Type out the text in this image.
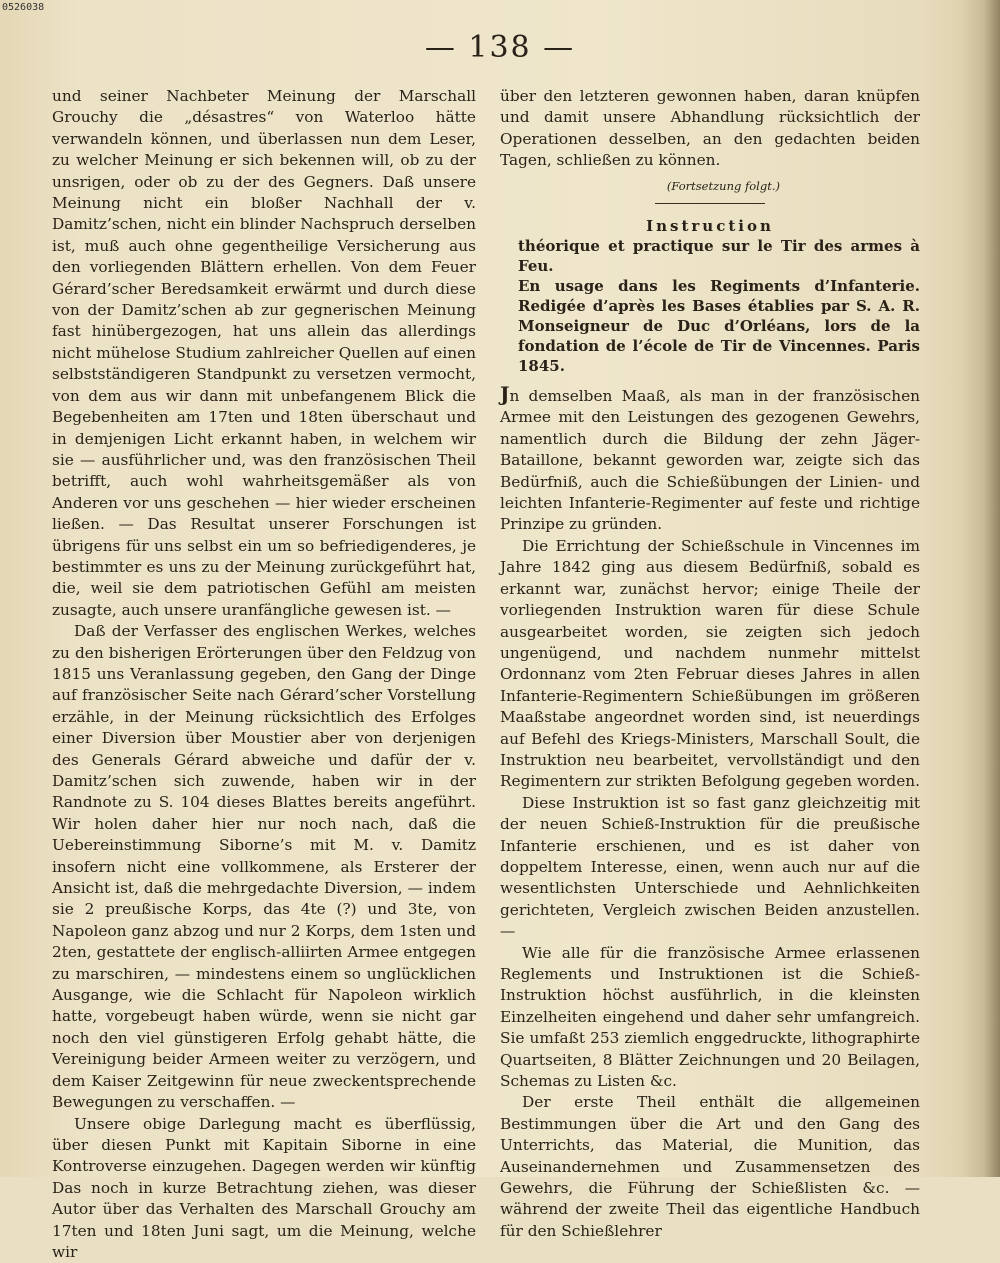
0526038
— 138 —

und seiner Nachbeter Meinung der Marschall Grouchy die „désastres“ von Waterloo hätte verwandeln können, und überlassen nun dem Leser, zu welcher Meinung er sich bekennen will, ob zu der unsrigen, oder ob zu der des Gegners. Daß unsere Meinung nicht ein bloßer Nachhall der v. Damitz’schen, nicht ein blinder Nachspruch derselben ist, muß auch ohne gegentheilige Versicherung aus den vorliegenden Blättern erhellen. Von dem Feuer Gérard’scher Beredsamkeit erwärmt und durch diese von der Damitz’schen ab zur gegnerischen Meinung fast hinübergezogen, hat uns allein das allerdings nicht mühelose Studium zahlreicher Quellen auf einen selbstständigeren Standpunkt zu versetzen vermocht, von dem aus wir dann mit unbefangenem Blick die Begebenheiten am 17ten und 18ten überschaut und in demjenigen Licht erkannt haben, in welchem wir sie — ausführlicher und, was den französischen Theil betrifft, auch wohl wahrheitsgemäßer als von Anderen vor uns geschehen — hier wieder erscheinen ließen. — Das Resultat unserer Forschungen ist übrigens für uns selbst ein um so befriedigenderes, je bestimmter es uns zu der Meinung zurückgeführt hat, die, weil sie dem patriotischen Gefühl am meisten zusagte, auch unsere uranfängliche gewesen ist. —

Daß der Verfasser des englischen Werkes, welches zu den bisherigen Erörterungen über den Feldzug von 1815 uns Veranlassung gegeben, den Gang der Dinge auf französischer Seite nach Gérard’scher Vorstellung erzähle, in der Meinung rücksichtlich des Erfolges einer Diversion über Moustier aber von derjenigen des Generals Gérard abweiche und dafür der v. Damitz’schen sich zuwende, haben wir in der Randnote zu S. 104 dieses Blattes bereits angeführt. Wir holen daher hier nur noch nach, daß die Uebereinstimmung Siborne’s mit M. v. Damitz insofern nicht eine vollkommene, als Ersterer der Ansicht ist, daß die mehrgedachte Diversion, — indem sie 2 preußische Korps, das 4te (?) und 3te, von Napoleon ganz abzog und nur 2 Korps, dem 1sten und 2ten, gestattete der englisch-alliirten Armee entgegen zu marschiren, — mindestens einem so unglücklichen Ausgange, wie die Schlacht für Napoleon wirklich hatte, vorgebeugt haben würde, wenn sie nicht gar noch den viel günstigeren Erfolg gehabt hätte, die Vereinigung beider Armeen weiter zu verzögern, und dem Kaiser Zeitgewinn für neue zweckentsprechende Bewegungen zu verschaffen. —

Unsere obige Darlegung macht es überflüssig, über diesen Punkt mit Kapitain Siborne in eine Kontroverse einzugehen. Dagegen werden wir künftig Das noch in kurze Betrachtung ziehen, was dieser Autor über das Verhalten des Marschall Grouchy am 17ten und 18ten Juni sagt, um die Meinung, welche wir

über den letzteren gewonnen haben, daran knüpfen und damit unsere Abhandlung rücksichtlich der Operationen desselben, an den gedachten beiden Tagen, schließen zu können.

(Fortsetzung folgt.)
Instruction

théorique et practique sur le Tir des armes à Feu.

En usage dans les Regiments d’Infanterie. Redigée d’après les Bases établies par S. A. R. Monseigneur de Duc d’Orléans, lors de la fondation de l’école de Tir de Vincennes. Paris 1845.

Jn demselben Maaß, als man in der französischen Armee mit den Leistungen des gezogenen Gewehrs, namentlich durch die Bildung der zehn Jäger-Bataillone, bekannt geworden war, zeigte sich das Bedürfniß, auch die Schießübungen der Linien- und leichten Infanterie-Regimenter auf feste und richtige Prinzipe zu gründen.

Die Errichtung der Schießschule in Vincennes im Jahre 1842 ging aus diesem Bedürfniß, sobald es erkannt war, zunächst hervor; einige Theile der vorliegenden Instruktion waren für diese Schule ausgearbeitet worden, sie zeigten sich jedoch ungenügend, und nachdem nunmehr mittelst Ordonnanz vom 2ten Februar dieses Jahres in allen Infanterie-Regimentern Schießübungen im größeren Maaßstabe angeordnet worden sind, ist neuerdings auf Befehl des Kriegs-Ministers, Marschall Soult, die Instruktion neu bearbeitet, vervollständigt und den Regimentern zur strikten Befolgung gegeben worden.

Diese Instruktion ist so fast ganz gleichzeitig mit der neuen Schieß-Instruktion für die preußische Infanterie erschienen, und es ist daher von doppeltem Interesse, einen, wenn auch nur auf die wesentlichsten Unterschiede und Aehnlichkeiten gerichteten, Vergleich zwischen Beiden anzustellen. —

Wie alle für die französische Armee erlassenen Reglements und Instruktionen ist die Schieß-Instruktion höchst ausführlich, in die kleinsten Einzelheiten eingehend und daher sehr umfangreich. Sie umfaßt 253 ziemlich enggedruckte, lithographirte Quartseiten, 8 Blätter Zeichnungen und 20 Beilagen, Schemas zu Listen &c.

Der erste Theil enthält die allgemeinen Bestimmungen über die Art und den Gang des Unterrichts, das Material, die Munition, das Auseinandernehmen und Zusammensetzen des Gewehrs, die Führung der Schießlisten &c. — während der zweite Theil das eigentliche Handbuch für den Schießlehrer
